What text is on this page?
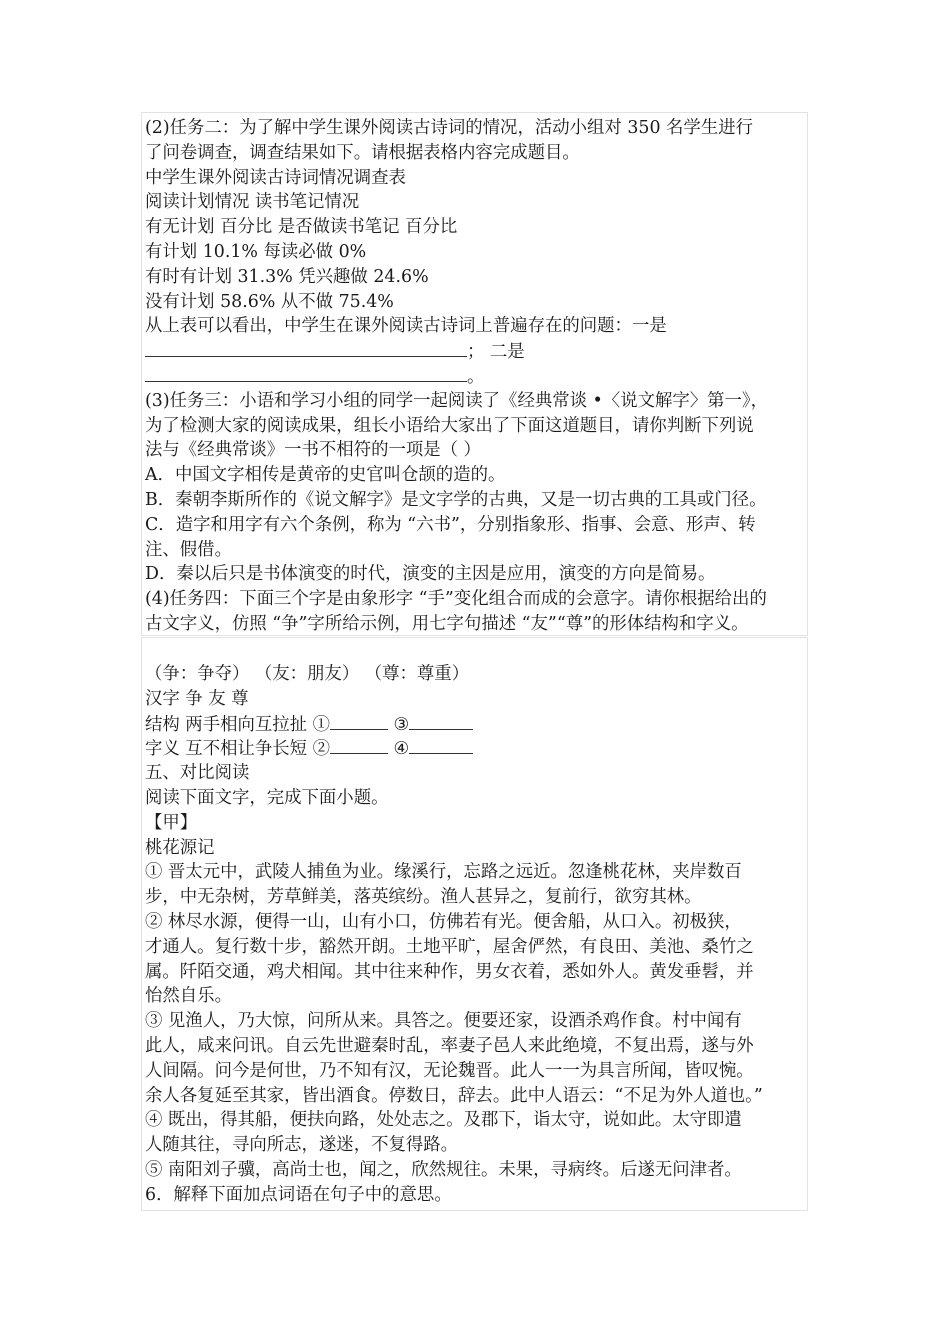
(2)任务二：为了解中学生课外阅读古诗词的情况，活动小组对 350 名学生进行
了问卷调查，调查结果如下。请根据表格内容完成题目。
中学生课外阅读古诗词情况调查表
阅读计划情况 读书笔记情况
有无计划 百分比 是否做读书笔记 百分比
有计划 10.1% 每读必做 0%
有时有计划 31.3% 凭兴趣做 24.6%
没有计划 58.6% 从不做 75.4%
从上表可以看出，中学生在课外阅读古诗词上普遍存在的问题：一是
； 二是
。
(3)任务三：小语和学习小组的同学一起阅读了《经典常谈 •〈说文解字〉第一》，
为了检测大家的阅读成果，组长小语给大家出了下面这道题目，请你判断下列说
法与《经典常谈》一书不相符的一项是（ ）
A．中国文字相传是黄帝的史官叫仓颉的造的。
B．秦朝李斯所作的《说文解字》是文字学的古典，又是一切古典的工具或门径。
C．造字和用字有六个条例，称为 “六书”，分别指象形、指事、会意、形声、转
注、假借。
D．秦以后只是书体演变的时代，演变的主因是应用，演变的方向是简易。
(4)任务四：下面三个字是由象形字 “手”变化组合而成的会意字。请你根据给出的
古文字义，仿照 “争”字所给示例，用七字句描述 “友”“尊”的形体结构和字义。
（争：争夺） （友：朋友） （尊：尊重）
汉字 争 友 尊
结构 两手相向互拉扯 ①	③
字义 互不相让争长短 ②	④
五、对比阅读
阅读下面文字，完成下面小题。
【甲】
桃花源记
① 晋太元中，武陵人捕鱼为业。缘溪行，忘路之远近。忽逢桃花林，夹岸数百
步，中无杂树，芳草鲜美，落英缤纷。渔人甚异之，复前行，欲穷其林。
② 林尽水源，便得一山，山有小口，仿佛若有光。便舍船，从口入。初极狭，
才通人。复行数十步，豁然开朗。土地平旷，屋舍俨然，有良田、美池、桑竹之
属。阡陌交通，鸡犬相闻。其中往来种作，男女衣着，悉如外人。黄发垂髫，并
怡然自乐。
③ 见渔人，乃大惊，问所从来。具答之。便要还家，设酒杀鸡作食。村中闻有
此人，咸来问讯。自云先世避秦时乱，率妻子邑人来此绝境，不复出焉，遂与外
人间隔。问今是何世，乃不知有汉，无论魏晋。此人一一为具言所闻，皆叹惋。
余人各复延至其家，皆出酒食。停数日，辞去。此中人语云：“不足为外人道也。”
④ 既出，得其船，便扶向路，处处志之。及郡下，诣太守，说如此。太守即遣
人随其往，寻向所志，遂迷，不复得路。
⑤ 南阳刘子骥，高尚士也，闻之，欣然规往。未果，寻病终。后遂无问津者。
6．解释下面加点词语在句子中的意思。
